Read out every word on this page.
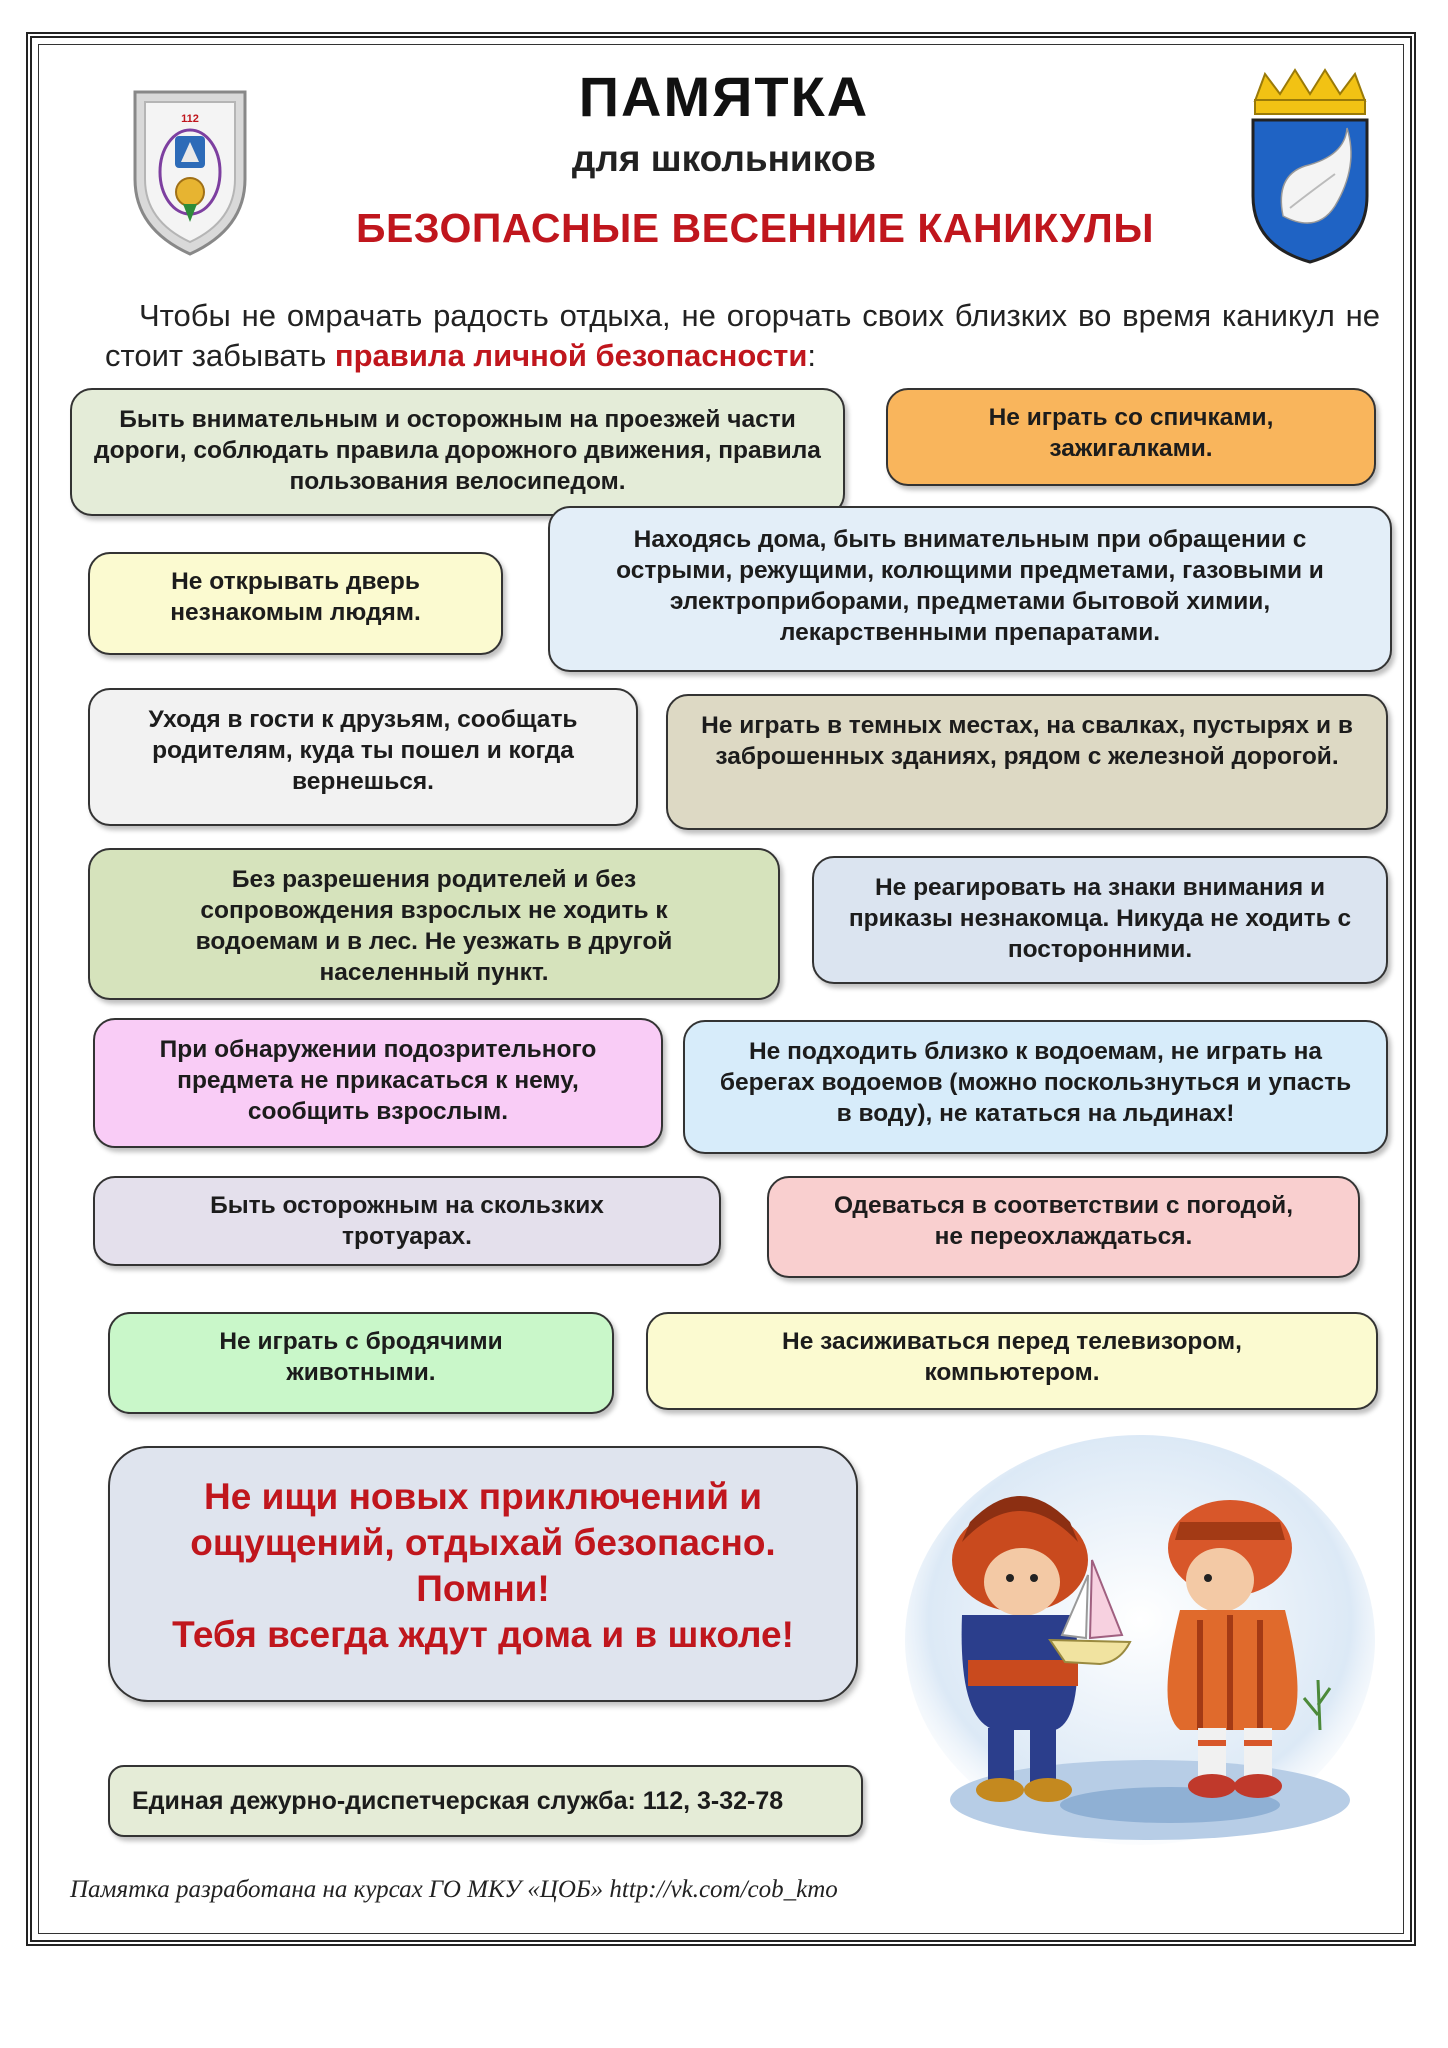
112	ПАМЯТКА
для школьников
БЕЗОПАСНЫЕ ВЕСЕННИЕ КАНИКУЛЫ
Чтобы не омрачать радость отдыха, не огорчать своих близких во время каникул не стоит забывать правила личной безопасности:
Быть внимательным и осторожным на проезжей части дороги, соблюдать правила дорожного движения, правила пользования велосипедом.
Не играть со спичками, зажигалками.
Находясь дома, быть внимательным при обращении с острыми, режущими, колющими предметами, газовыми и электроприборами, предметами бытовой химии, лекарственными препаратами.
Не открывать дверь незнакомым людям.
Уходя в гости к друзьям, сообщать родителям, куда ты пошел и когда вернешься.
Не играть в темных местах, на свалках, пустырях и в заброшенных зданиях, рядом с железной дорогой.
Без разрешения родителей и без сопровождения взрослых не ходить к водоемам и в лес. Не уезжать в другой населенный пункт.
Не реагировать на знаки внимания и приказы незнакомца. Никуда не ходить с посторонними.
При обнаружении подозрительного предмета не прикасаться к нему, сообщить взрослым.
Не подходить близко к водоемам, не играть на берегах водоемов (можно поскользнуться и упасть в воду), не кататься на льдинах!
Быть осторожным на скользких тротуарах.
Одеваться в соответствии с погодой, не переохлаждаться.
Не играть с бродячими животными.
Не засиживаться перед телевизором, компьютером.
Не ищи новых приключений и
ощущений, отдыхай безопасно.
Помни!
Тебя всегда ждут дома и в школе!
Единая дежурно-диспетчерская служба: 112, 3-32-78
Памятка разработана на курсах ГО МКУ «ЦОБ» http://vk.com/cob_kmo
